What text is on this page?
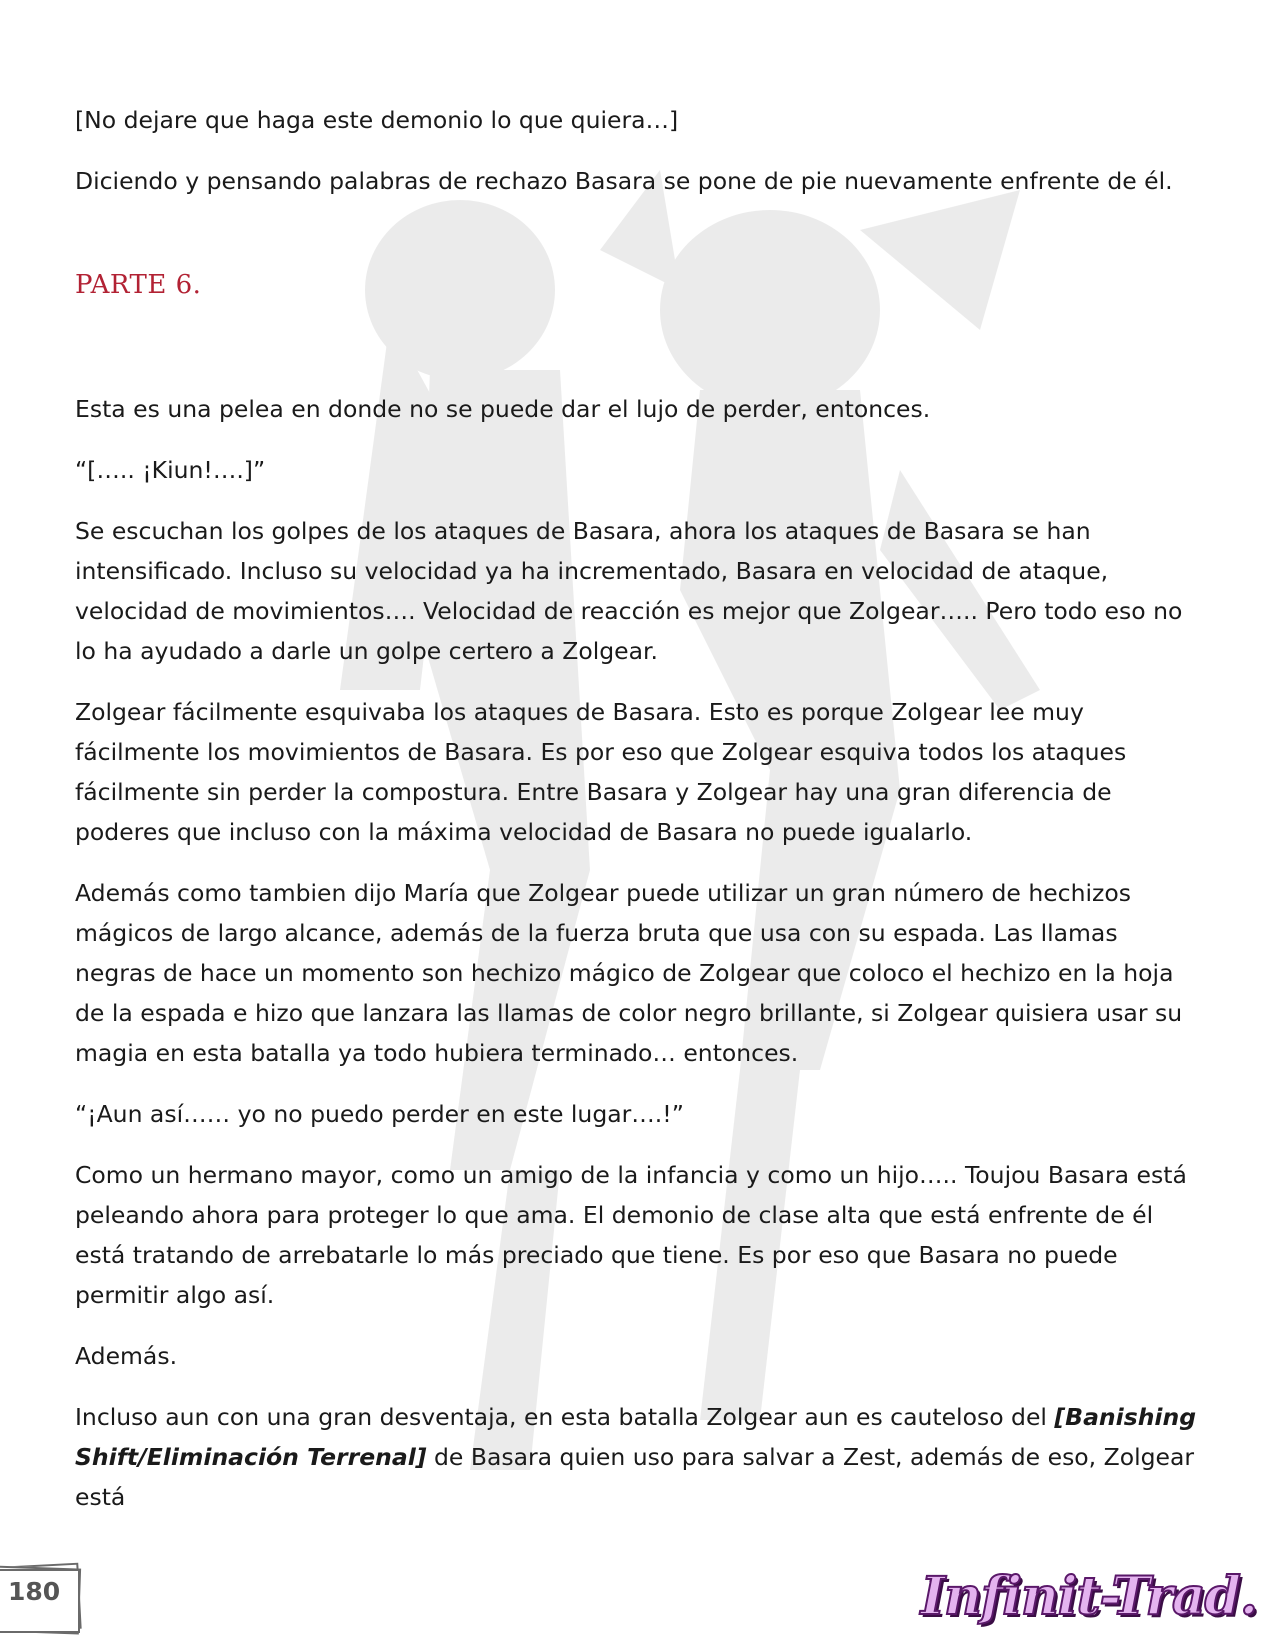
[No dejare que haga este demonio lo que quiera…]

Diciendo y pensando palabras de rechazo Basara se pone de pie nuevamente enfrente de él.

PARTE 6.

Esta es una pelea en donde no se puede dar el lujo de perder, entonces.

“[….. ¡Kiun!….]”

Se escuchan los golpes de los ataques de Basara, ahora los ataques de Basara se han intensificado. Incluso su velocidad ya ha incrementado, Basara en velocidad de ataque, velocidad de movimientos…. Velocidad de reacción es mejor que Zolgear….. Pero todo eso no lo ha ayudado a darle un golpe certero a Zolgear.

Zolgear fácilmente esquivaba los ataques de Basara. Esto es porque Zolgear lee muy fácilmente los movimientos de Basara. Es por eso que Zolgear esquiva todos los ataques fácilmente sin perder la compostura. Entre Basara y Zolgear hay una gran diferencia de poderes que incluso con la máxima velocidad de Basara no puede igualarlo.

Además como tambien dijo María que Zolgear puede utilizar un gran número de hechizos mágicos de largo alcance, además de la fuerza bruta que usa con su espada. Las llamas negras de hace un momento son hechizo mágico de Zolgear que coloco el hechizo en la hoja de la espada e hizo que lanzara las llamas de color negro brillante, si Zolgear quisiera usar su magia en esta batalla ya todo hubiera terminado… entonces.

“¡Aun así…… yo no puedo perder en este lugar….!”

Como un hermano mayor, como un amigo de la infancia y como un hijo….. Toujou Basara está peleando ahora para proteger lo que ama. El demonio de clase alta que está enfrente de él está tratando de arrebatarle lo más preciado que tiene. Es por eso que Basara no puede permitir algo así.

Además.

Incluso aun con una gran desventaja, en esta batalla Zolgear aun es cauteloso del [Banishing Shift/Eliminación Terrenal] de Basara quien uso para salvar a Zest, además de eso, Zolgear está

180	Infinit-Trad.
